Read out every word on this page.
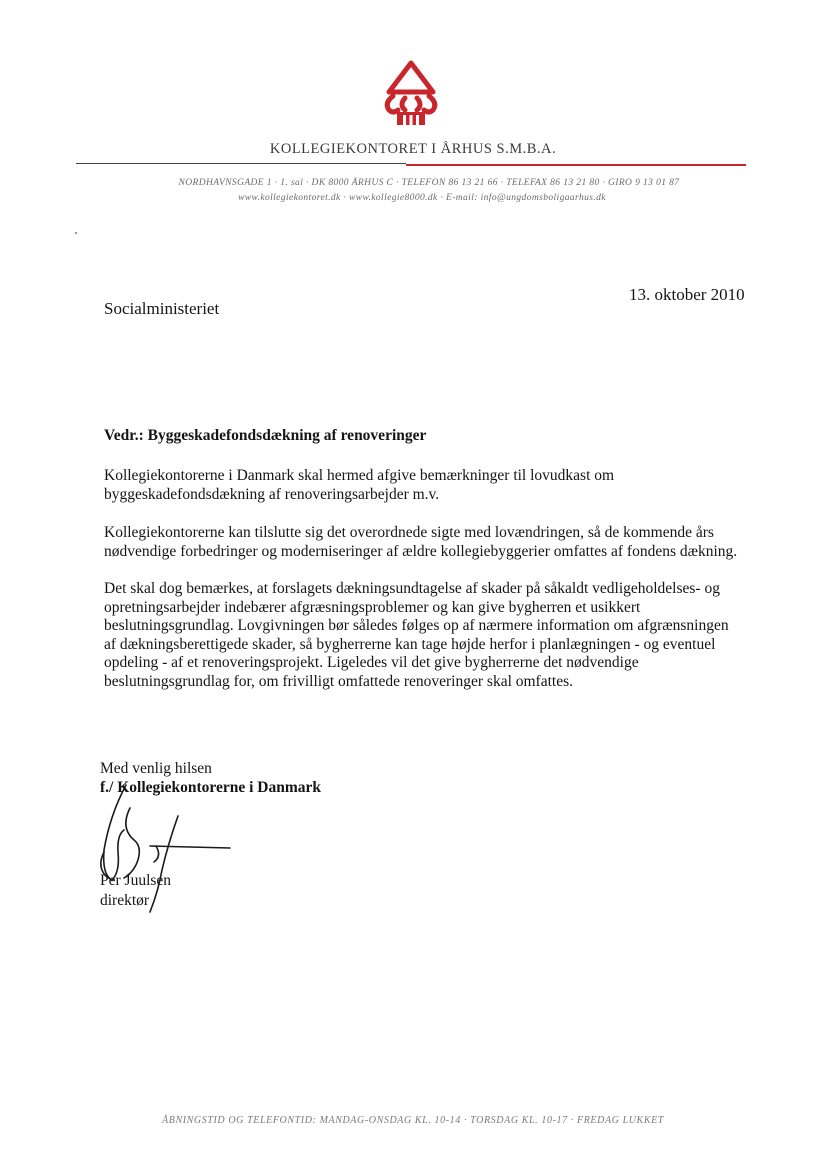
KOLLEGIEKONTORET I ÅRHUS S.M.B.A.
NORDHAVNSGADE 1 · 1. sal · DK 8000 ÅRHUS C · TELEFON 86 13 21 66 · TELEFAX 86 13 21 80 · GIRO 9 13 01 87
www.kollegiekontoret.dk · www.kollegie8000.dk · E-mail: info@ungdomsboligaarhus.dk
Socialministeriet
13. oktober 2010
Vedr.: Byggeskadefondsdækning af renoveringer
Kollegiekontorerne i Danmark skal hermed afgive bemærkninger til lovudkast om
byggeskadefondsdækning af renoveringsarbejder m.v.
Kollegiekontorerne kan tilslutte sig det overordnede sigte med lovændringen, så de kommende års
nødvendige forbedringer og moderniseringer af ældre kollegiebyggerier omfattes af fondens dækning.
Det skal dog bemærkes, at forslagets dækningsundtagelse af skader på såkaldt vedligeholdelses- og
opretningsarbejder indebærer afgræsningsproblemer og kan give bygherren et usikkert
beslutningsgrundlag. Lovgivningen bør således følges op af nærmere information om afgrænsningen
af dækningsberettigede skader, så bygherrerne kan tage højde herfor i planlægningen - og eventuel
opdeling - af et renoveringsprojekt. Ligeledes vil det give bygherrerne det nødvendige
beslutningsgrundlag for, om frivilligt omfattede renoveringer skal omfattes.
Med venlig hilsen
f./ Kollegiekontorerne i Danmark
Per Juulsen
direktør
ÅBNINGSTID OG TELEFONTID: MANDAG-ONSDAG KL. 10-14 · TORSDAG KL. 10-17 · FREDAG LUKKET
